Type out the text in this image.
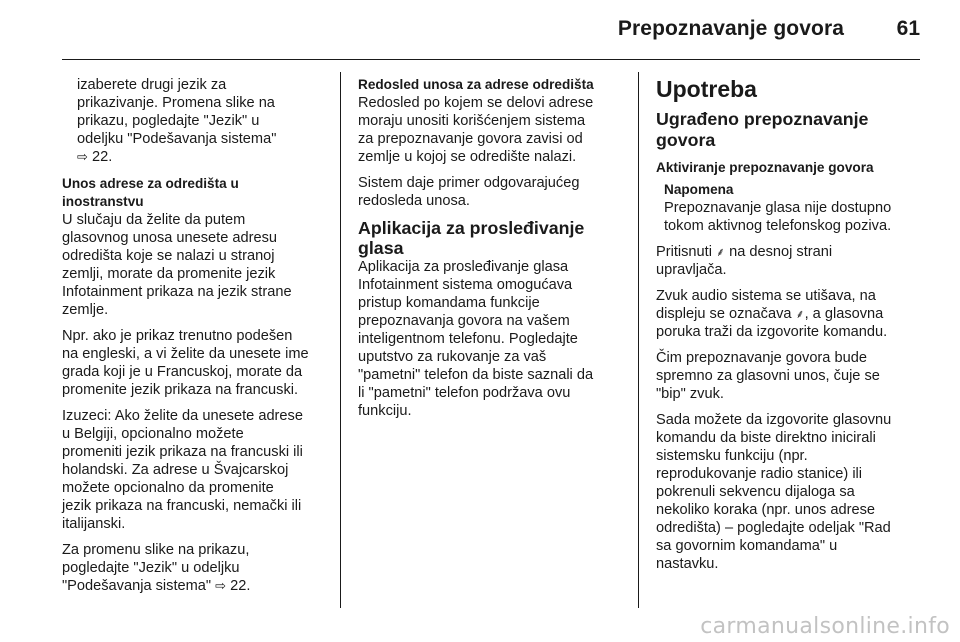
Prepoznavanje govora	61

izaberete drugi jezik za
prikazivanje. Promena slike na
prikazu, pogledajte "Jezik" u
odeljku "Podešavanja sistema"
⇨ 22.

Unos adrese za odredišta u
inostranstvu

U slučaju da želite da putem
glasovnog unosa unesete adresu
odredišta koje se nalazi u stranoj
zemlji, morate da promenite jezik
Infotainment prikaza na jezik strane
zemlje.

Npr. ako je prikaz trenutno podešen
na engleski, a vi želite da unesete ime
grada koji je u Francuskoj, morate da
promenite jezik prikaza na francuski.

Izuzeci: Ako želite da unesete adrese
u Belgiji, opcionalno možete
promeniti jezik prikaza na francuski ili
holandski. Za adrese u Švajcarskoj
možete opcionalno da promenite
jezik prikaza na francuski, nemački ili
italijanski.

Za promenu slike na prikazu,
pogledajte "Jezik" u odeljku
"Podešavanja sistema" ⇨ 22.

Redosled unosa za adrese odredišta

Redosled po kojem se delovi adrese
moraju unositi korišćenjem sistema
za prepoznavanje govora zavisi od
zemlje u kojoj se odredište nalazi.

Sistem daje primer odgovarajućeg
redosleda unosa.

Aplikacija za prosleđivanje
glasa

Aplikacija za prosleđivanje glasa
Infotainment sistema omogućava
pristup komandama funkcije
prepoznavanja govora na vašem
inteligentnom telefonu. Pogledajte
uputstvo za rukovanje za vaš
"pametni" telefon da biste saznali da
li "pametni" telefon podržava ovu
funkciju.

Upotreba

Ugrađeno prepoznavanje
govora

Aktiviranje prepoznavanje govora

Napomena

Prepoznavanje glasa nije dostupno
tokom aktivnog telefonskog poziva.

Pritisnuti ⸙ na desnoj strani
upravljača.

Zvuk audio sistema se utišava, na
displeju se označava ⸙, a glasovna
poruka traži da izgovorite komandu.

Čim prepoznavanje govora bude
spremno za glasovni unos, čuje se
"bip" zvuk.

Sada možete da izgovorite glasovnu
komandu da biste direktno inicirali
sistemsku funkciju (npr.
reprodukovanje radio stanice) ili
pokrenuli sekvencu dijaloga sa
nekoliko koraka (npr. unos adrese
odredišta) – pogledajte odeljak "Rad
sa govornim komandama" u
nastavku.

carmanualsonline.info
